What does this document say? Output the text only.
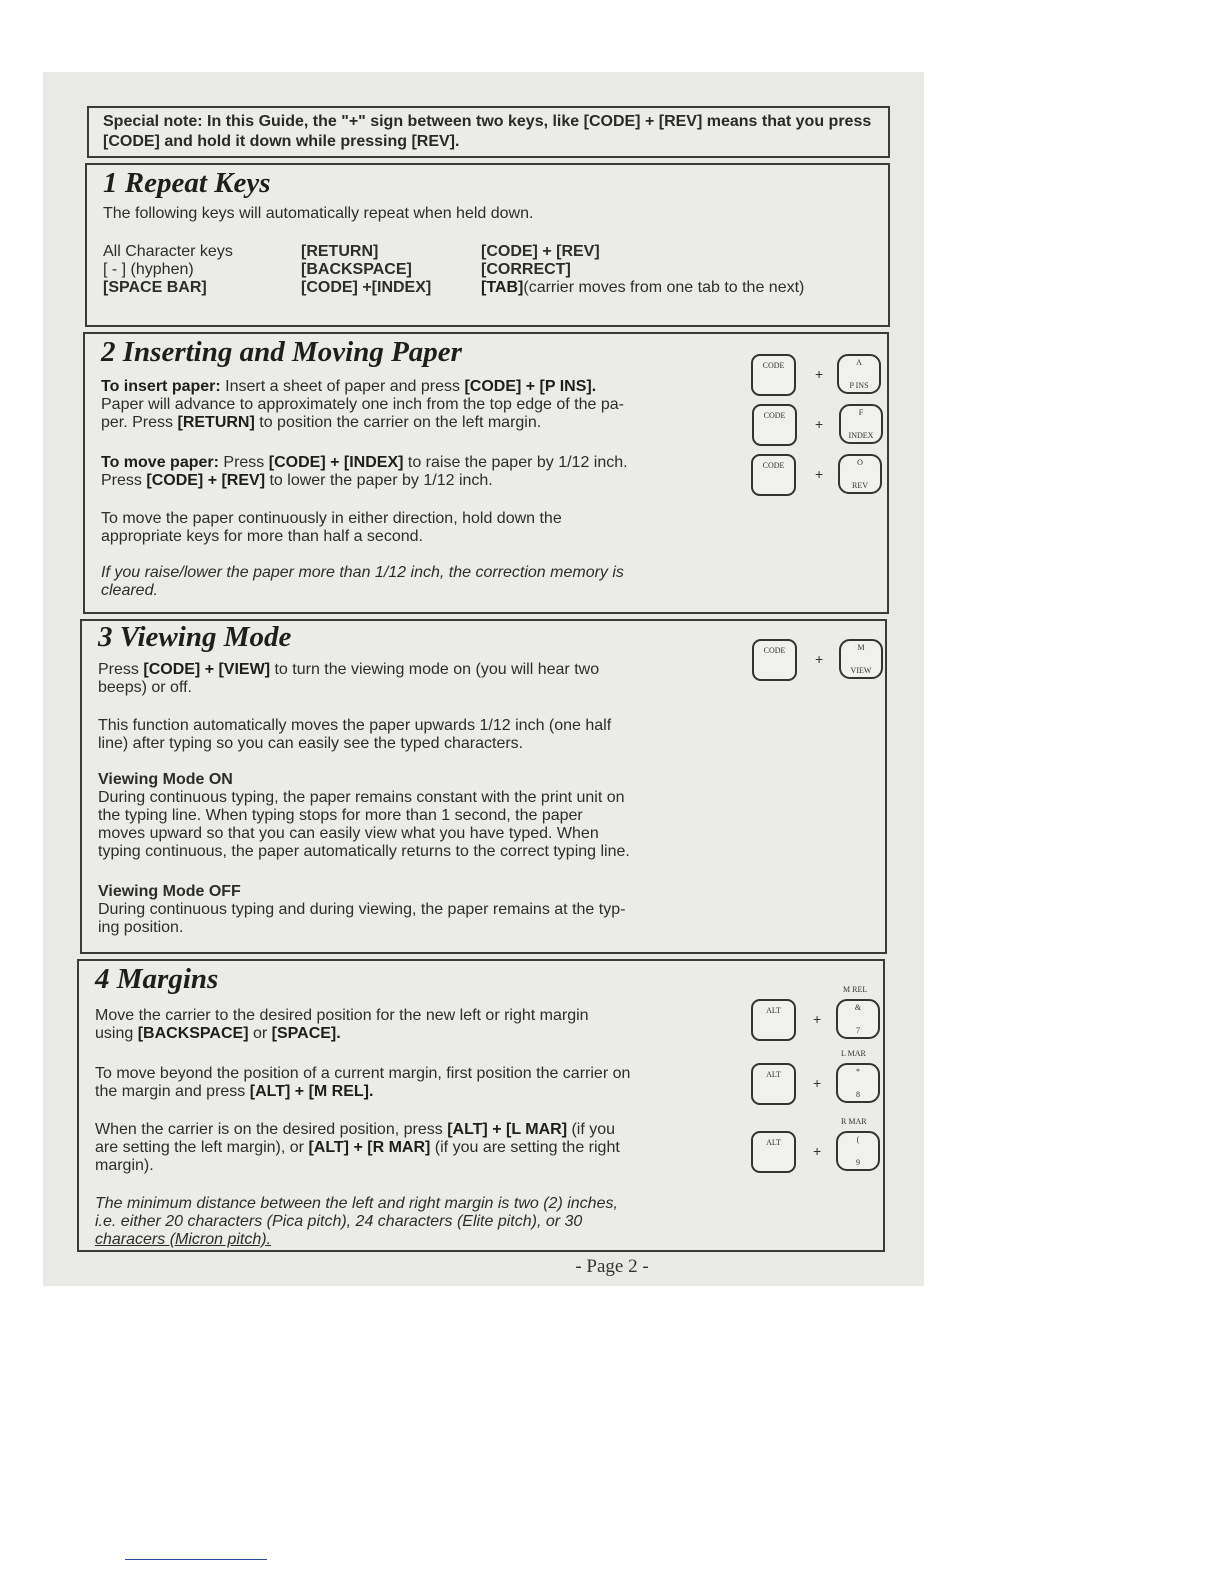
Special note: In this Guide, the "+" sign between two keys, like [CODE] + [REV] means that you press [CODE] and hold it down while pressing [REV].
1 Repeat Keys
The following keys will automatically repeat when held down.
All Character keys
[ - ] (hyphen)
[SPACE BAR]
[RETURN]
[BACKSPACE]
[CODE] +[INDEX]
[CODE] + [REV]
[CORRECT]
[TAB](carrier moves from one tab to the next)
2 Inserting and Moving Paper
To insert paper: Insert a sheet of paper and press [CODE] + [P INS].
Paper will advance to approximately one inch from the top edge of the pa-
per. Press [RETURN] to position the carrier on the left margin.
To move paper: Press [CODE] + [INDEX] to raise the paper by 1/12 inch.
Press [CODE] + [REV] to lower the paper by 1/12 inch.
To move the paper continuously in either direction, hold down the
appropriate keys for more than half a second.
If you raise/lower the paper more than 1/12 inch, the correction memory is
cleared.
CODE
+
A
P INS
CODE
+
F
INDEX
CODE
+
O
REV
3 Viewing Mode
Press [CODE] + [VIEW] to turn the viewing mode on (you will hear two
beeps) or off.
This function automatically moves the paper upwards 1/12 inch (one half
line) after typing so you can easily see the typed characters.
Viewing Mode ON
During continuous typing, the paper remains constant with the print unit on
the typing line. When typing stops for more than 1 second, the paper
moves upward so that you can easily view what you have typed. When
typing continuous, the paper automatically returns to the correct typing line.
Viewing Mode OFF
During continuous typing and during viewing, the paper remains at the typ-
ing position.
CODE
+
M
VIEW
4 Margins
Move the carrier to the desired position for the new left or right margin
using [BACKSPACE] or [SPACE].
To move beyond the position of a current margin, first position the carrier on
the margin and press [ALT] + [M REL].
When the carrier is on the desired position, press [ALT] + [L MAR] (if you
are setting the left margin), or [ALT] + [R MAR] (if you are setting the right
margin).
The minimum distance between the left and right margin is two (2) inches,
i.e. either 20 characters (Pica pitch), 24 characters (Elite pitch), or 30
characers (Micron pitch).
M REL
ALT
+
&
7
L MAR
ALT
+
*
8
R MAR
ALT
+
(
9
- Page 2 -
